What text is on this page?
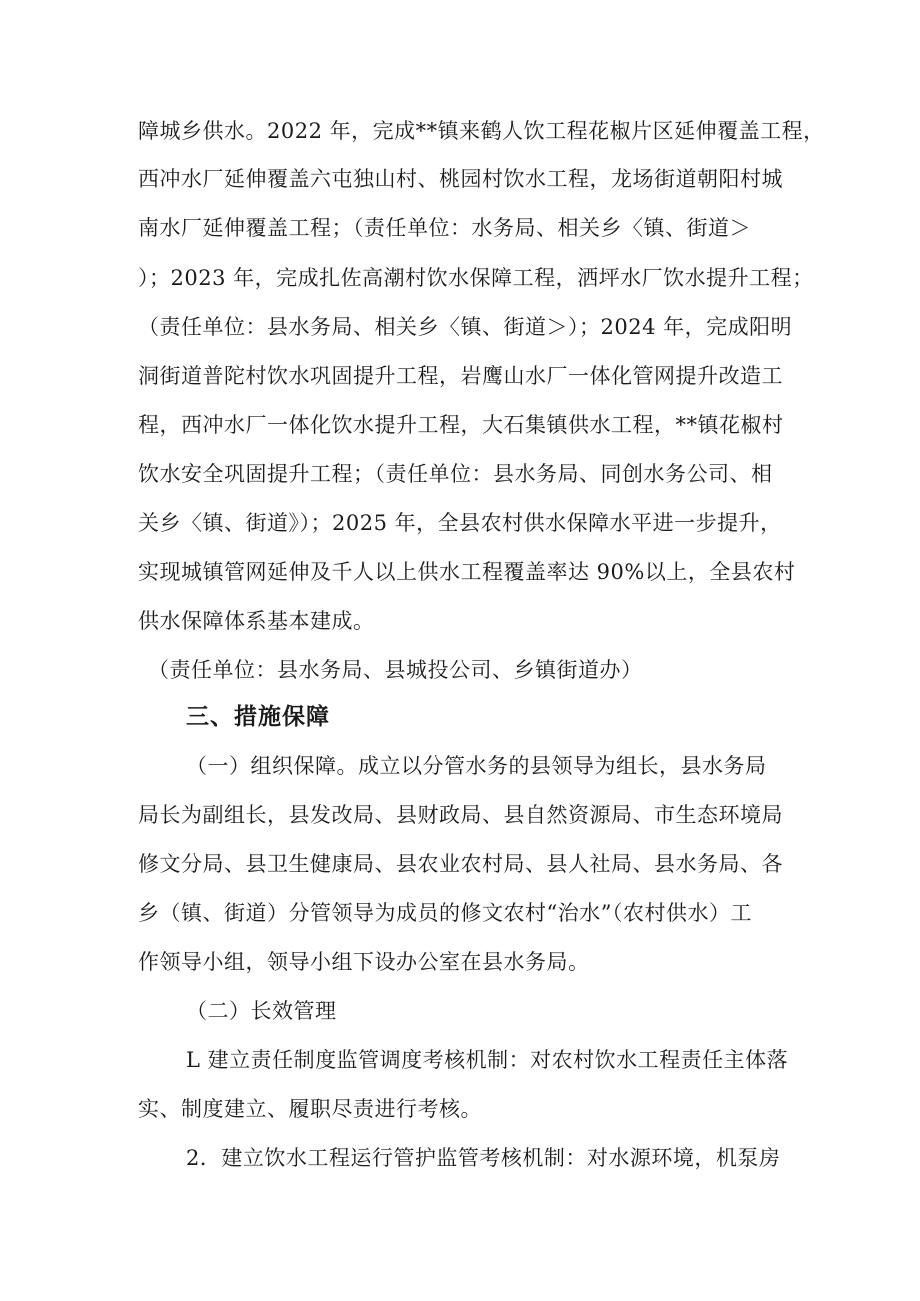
障城乡供水。2022 年，完成**镇来鹤人饮工程花椒片区延伸覆盖工程，
西冲水厂延伸覆盖六屯独山村、桃园村饮水工程，龙场街道朝阳村城
南水厂延伸覆盖工程；（责任单位：水务局、相关乡〈镇、街道＞
）；2023 年，完成扎佐高潮村饮水保障工程，洒坪水厂饮水提升工程；
（责任单位：县水务局、相关乡〈镇、街道＞）；2024 年，完成阳明
洞街道普陀村饮水巩固提升工程，岩鹰山水厂一体化管网提升改造工
程，西冲水厂一体化饮水提升工程，大石集镇供水工程，**镇花椒村
饮水安全巩固提升工程；（责任单位：县水务局、同创水务公司、相
关乡〈镇、街道》）；2025 年，全县农村供水保障水平进一步提升，
实现城镇管网延伸及千人以上供水工程覆盖率达 90%以上，全县农村
供水保障体系基本建成。
（责任单位：县水务局、县城投公司、乡镇街道办）
三、措施保障
（一）组织保障。成立以分管水务的县领导为组长，县水务局
局长为副组长，县发改局、县财政局、县自然资源局、市生态环境局
修文分局、县卫生健康局、县农业农村局、县人社局、县水务局、各
乡（镇、街道）分管领导为成员的修文农村“治水”（农村供水）工
作领导小组，领导小组下设办公室在县水务局。
（二）长效管理
L 建立责任制度监管调度考核机制：对农村饮水工程责任主体落
实、制度建立、履职尽责进行考核。
2．建立饮水工程运行管护监管考核机制：对水源环境，机泵房
